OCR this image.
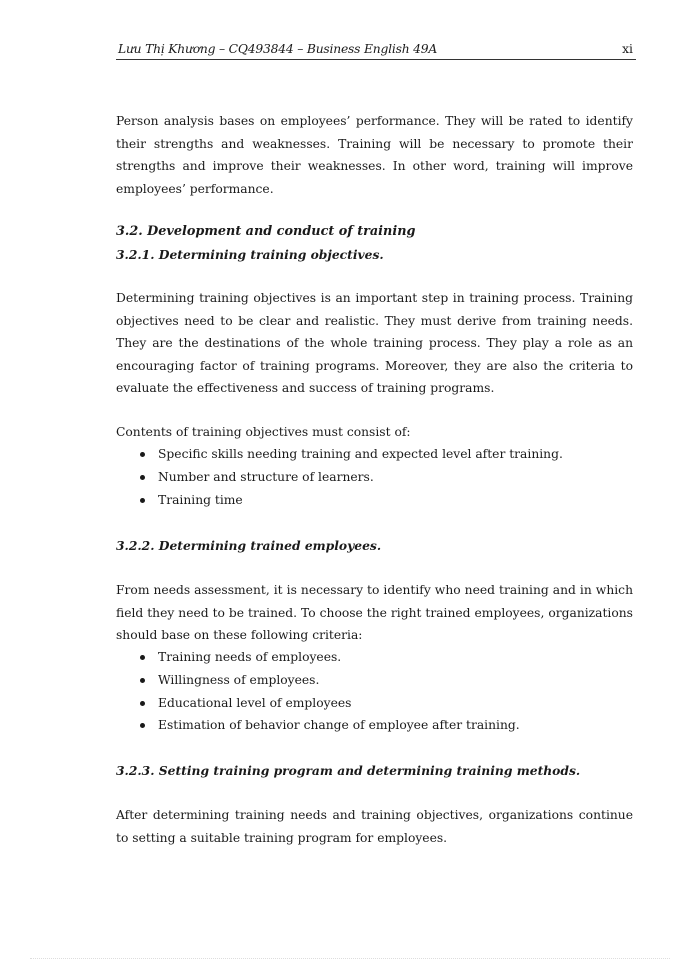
Lưu Thị Khương – CQ493844 – Business English 49A	xi

Person analysis bases on employees’ performance. They will be rated to identify their strengths and weaknesses. Training will be necessary to promote their strengths and improve their weaknesses. In other word, training will improve employees’ performance.

3.2. Development and conduct of training
3.2.1. Determining training objectives.

Determining training objectives is an important step in training process. Training objectives need to be clear and realistic. They must derive from training needs. They are the destinations of the whole training process. They play a role as an encouraging factor of training programs. Moreover, they are also the criteria to evaluate the effectiveness and success of training programs.

Contents of training objectives must consist of:

Specific skills needing training and expected level after training.
Number and structure of learners.
Training time
3.2.2. Determining trained employees.

From needs assessment, it is necessary to identify who need training and in which field they need to be trained. To choose the right trained employees, organizations should base on these following criteria:

Training needs of employees.
Willingness of employees.
Educational level of employees
Estimation of behavior change of employee after training.
3.2.3. Setting training program and determining training methods.

After determining training needs and training objectives, organizations continue to setting a suitable training program for employees.
